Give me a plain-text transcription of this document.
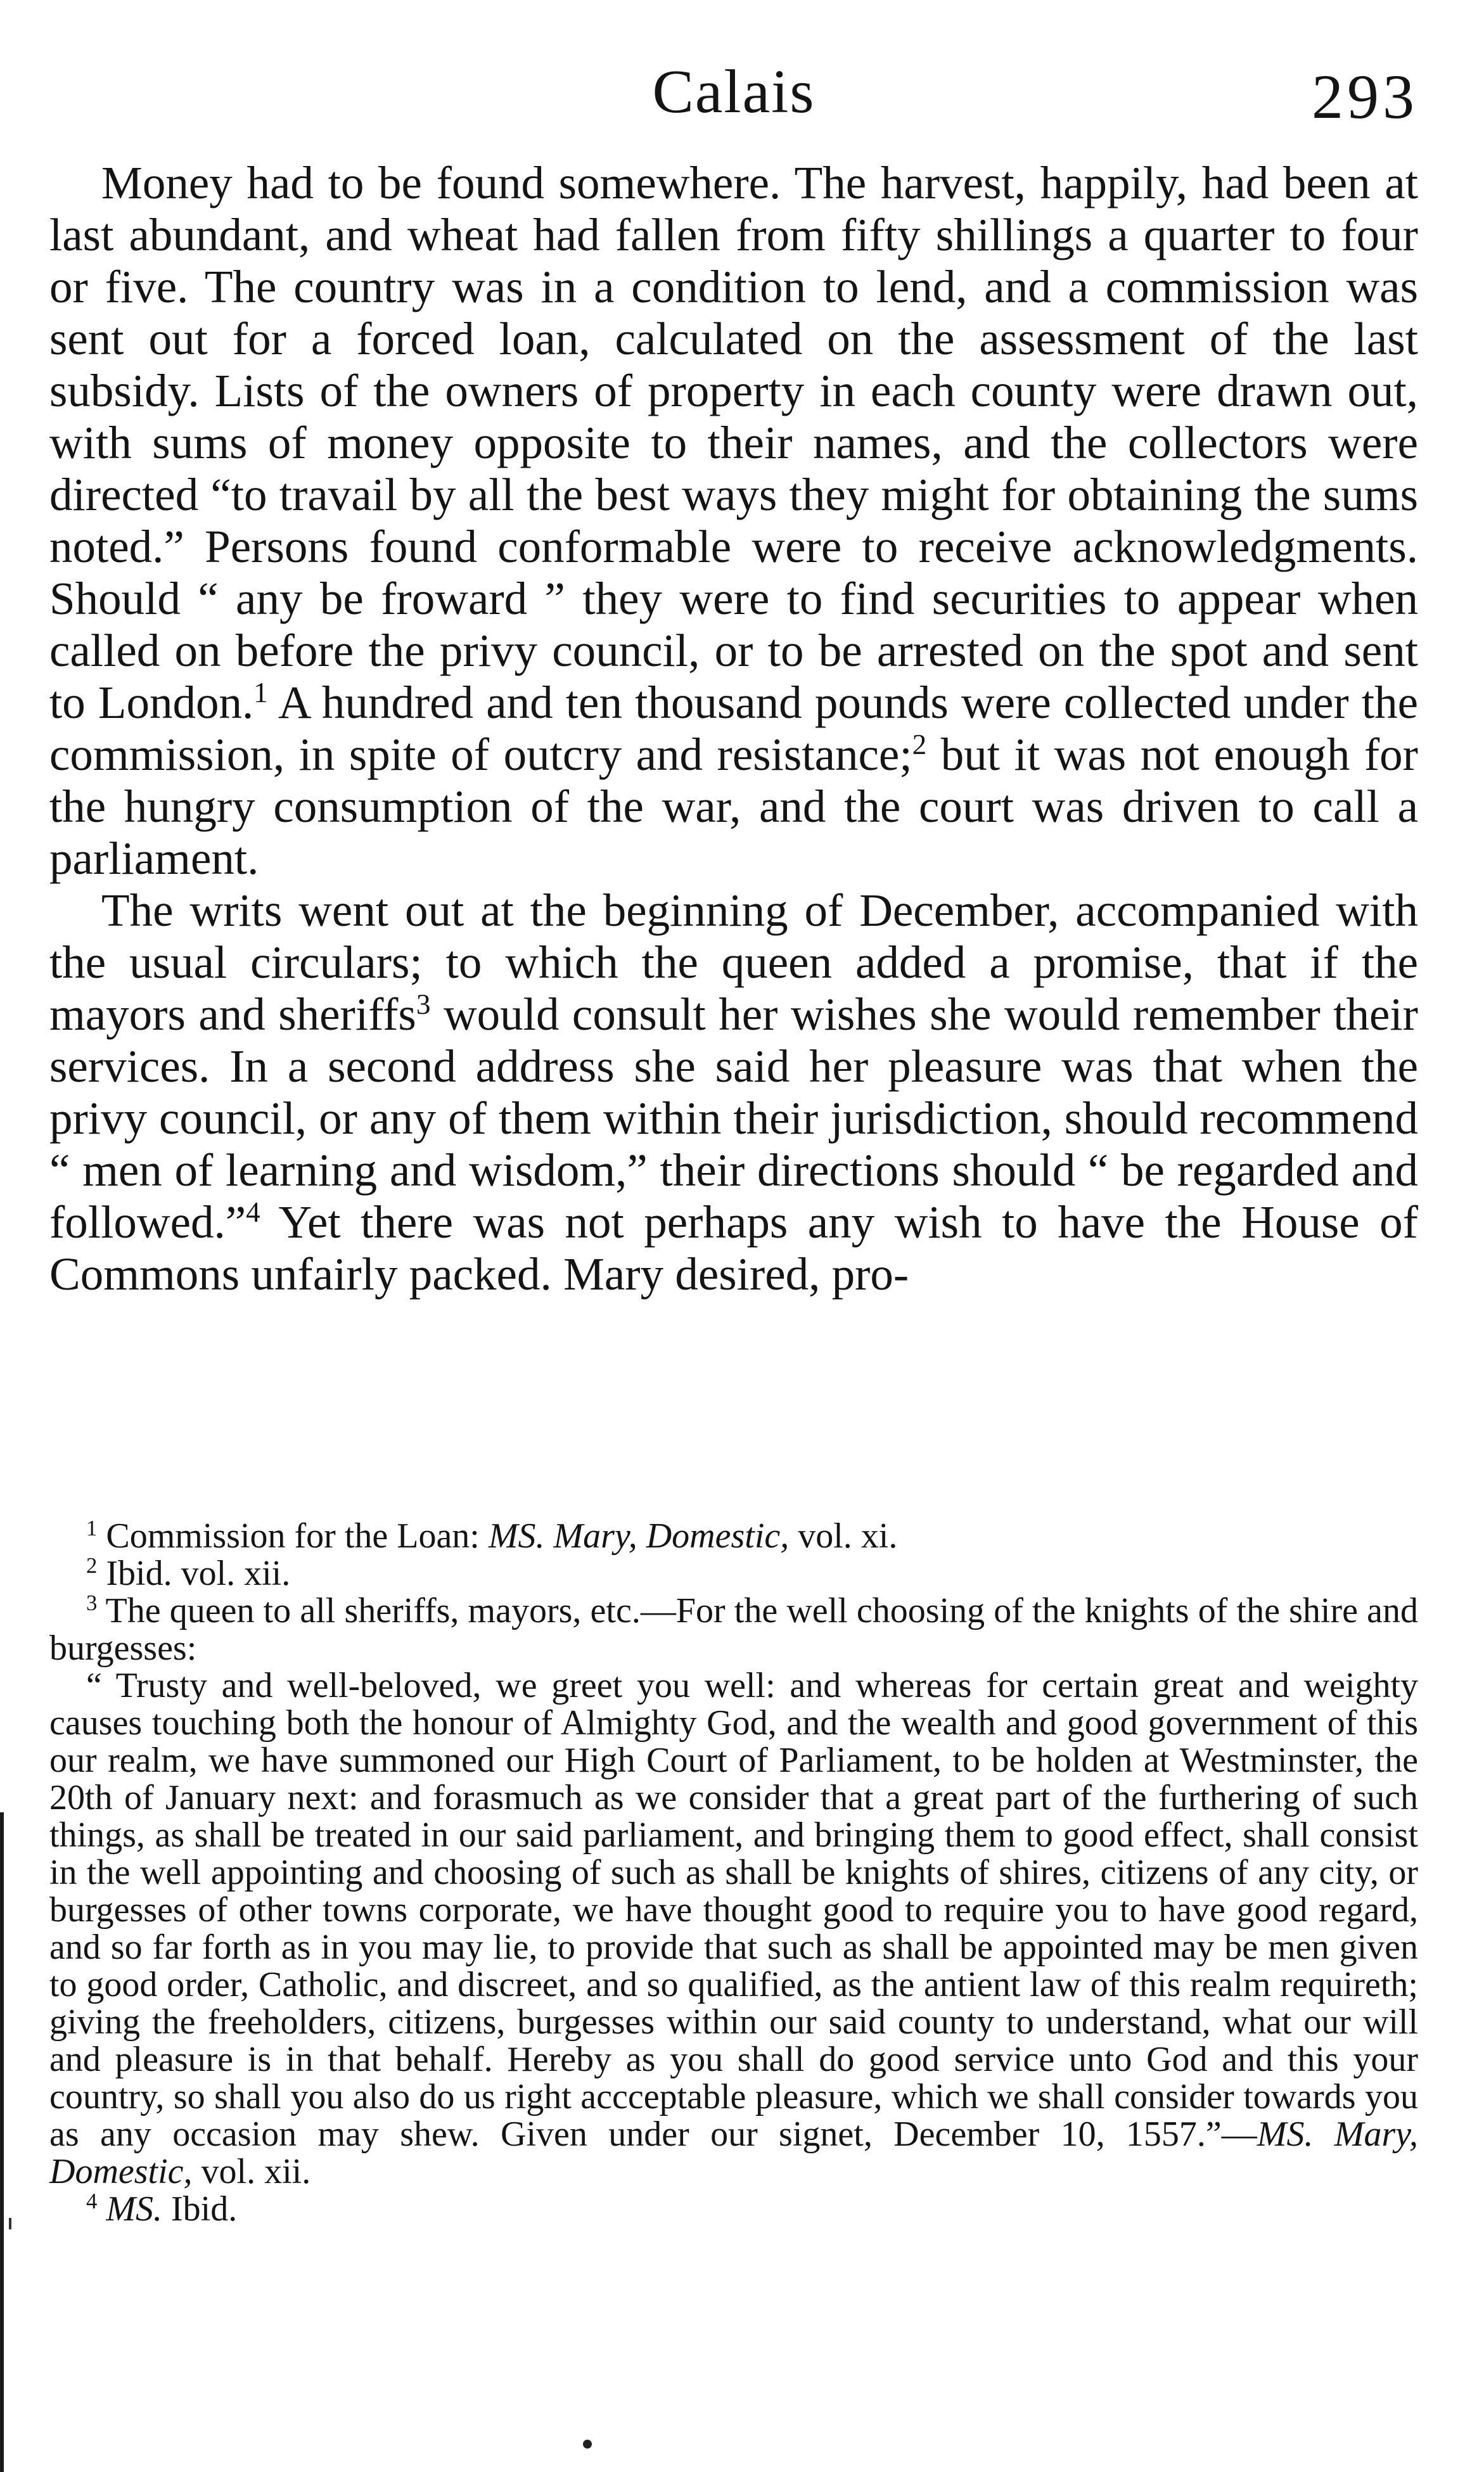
Calais	293

Money had to be found somewhere. The harvest, happily, had been at last abundant, and wheat had fallen from fifty shillings a quarter to four or five. The country was in a condition to lend, and a commission was sent out for a forced loan, calculated on the assessment of the last subsidy. Lists of the owners of property in each county were drawn out, with sums of money opposite to their names, and the collectors were directed “to travail by all the best ways they might for obtaining the sums noted.” Persons found conformable were to receive acknowledgments. Should “ any be froward ” they were to find securities to appear when called on before the privy council, or to be arrested on the spot and sent to London.$^1$ A hundred and ten thousand pounds were collected under the commission, in spite of outcry and resistance;$^2$ but it was not enough for the hungry consumption of the war, and the court was driven to call a parliament.

The writs went out at the beginning of December, accompanied with the usual circulars; to which the queen added a promise, that if the mayors and sheriffs$^3$ would consult her wishes she would remember their services. In a second address she said her pleasure was that when the privy council, or any of them within their jurisdiction, should recommend “ men of learning and wisdom,” their directions should “ be regarded and followed.”$^4$ Yet there was not perhaps any wish to have the House of Commons unfairly packed. Mary desired, pro-

$^1$ Commission for the Loan: MS. Mary, Domestic, vol. xi.

$^2$ Ibid. vol. xii.

$^3$ The queen to all sheriffs, mayors, etc.—For the well choosing of the knights of the shire and burgesses:

“ Trusty and well-beloved, we greet you well: and whereas for certain great and weighty causes touching both the honour of Almighty God, and the wealth and good government of this our realm, we have summoned our High Court of Parliament, to be holden at Westminster, the 20th of January next: and forasmuch as we consider that a great part of the furthering of such things, as shall be treated in our said parliament, and bringing them to good effect, shall consist in the well appointing and choosing of such as shall be knights of shires, citizens of any city, or burgesses of other towns corporate, we have thought good to require you to have good regard, and so far forth as in you may lie, to provide that such as shall be appointed may be men given to good order, Catholic, and discreet, and so qualified, as the antient law of this realm requireth; giving the freeholders, citizens, burgesses within our said county to understand, what our will and pleasure is in that behalf. Hereby as you shall do good service unto God and this your country, so shall you also do us right accceptable pleasure, which we shall consider towards you as any occasion may shew. Given under our signet, December 10, 1557.”—MS. Mary, Domestic, vol. xii.

$^4$ MS. Ibid.
